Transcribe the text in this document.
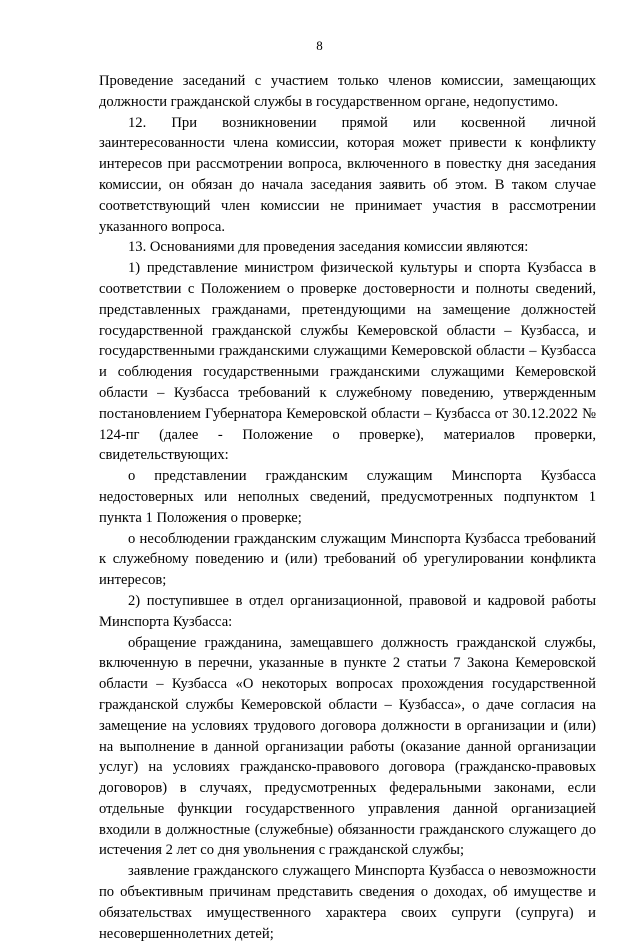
8

Проведение заседаний с участием только членов комиссии, замещающих должности гражданской службы в государственном органе, недопустимо.

12. При возникновении прямой или косвенной личной заинтересованности члена комиссии, которая может привести к конфликту интересов при рассмотрении вопроса, включенного в повестку дня заседания комиссии, он обязан до начала заседания заявить об этом. В таком случае соответствующий член комиссии не принимает участия в рассмотрении указанного вопроса.

13. Основаниями для проведения заседания комиссии являются:

1) представление министром физической культуры и спорта Кузбасса в соответствии с Положением о проверке достоверности и полноты сведений, представленных гражданами, претендующими на замещение должностей государственной гражданской службы Кемеровской области – Кузбасса, и государственными гражданскими служащими Кемеровской области – Кузбасса и соблюдения государственными гражданскими служащими Кемеровской области – Кузбасса требований к служебному поведению, утвержденным постановлением Губернатора Кемеровской области – Кузбасса от 30.12.2022 № 124-пг (далее - Положение о проверке), материалов проверки, свидетельствующих:

о представлении гражданским служащим Минспорта Кузбасса недостоверных или неполных сведений, предусмотренных подпунктом 1 пункта 1 Положения о проверке;

о несоблюдении гражданским служащим Минспорта Кузбасса требований к служебному поведению и (или) требований об урегулировании конфликта интересов;

2) поступившее в отдел организационной, правовой и кадровой работы Минспорта Кузбасса:

обращение гражданина, замещавшего должность гражданской службы, включенную в перечни, указанные в пункте 2 статьи 7 Закона Кемеровской области – Кузбасса «О некоторых вопросах прохождения государственной гражданской службы Кемеровской области – Кузбасса», о даче согласия на замещение на условиях трудового договора должности в организации и (или) на выполнение в данной организации работы (оказание данной организации услуг) на условиях гражданско-правового договора (гражданско-правовых договоров) в случаях, предусмотренных федеральными законами, если отдельные функции государственного управления данной организацией входили в должностные (служебные) обязанности гражданского служащего до истечения 2 лет со дня увольнения с гражданской службы;

заявление гражданского служащего Минспорта Кузбасса о невозможности по объективным причинам представить сведения о доходах, об имуществе и обязательствах имущественного характера своих супруги (супруга) и несовершеннолетних детей;
